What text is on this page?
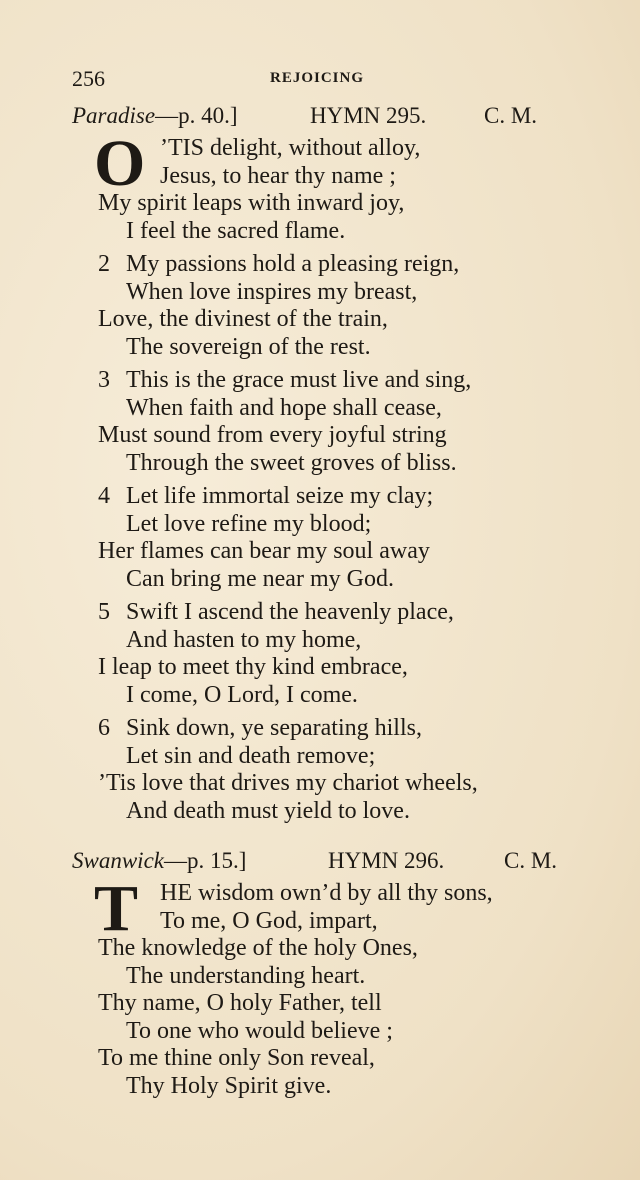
256	REJOICING
Paradise—p. 40.]	HYMN 295.	C. M.
O ’TIS delight, without alloy,
Jesus, to hear thy name ;
My spirit leaps with inward joy,
I feel the sacred flame.
2 My passions hold a pleasing reign,
When love inspires my breast,
Love, the divinest of the train,
The sovereign of the rest.
3 This is the grace must live and sing,
When faith and hope shall cease,
Must sound from every joyful string
Through the sweet groves of bliss.
4 Let life immortal seize my clay;
Let love refine my blood;
Her flames can bear my soul away
Can bring me near my God.
5 Swift I ascend the heavenly place,
And hasten to my home,
I leap to meet thy kind embrace,
I come, O Lord, I come.
6 Sink down, ye separating hills,
Let sin and death remove;
’Tis love that drives my chariot wheels,
And death must yield to love.
Swanwick—p. 15.]	HYMN 296.	C. M.
T HE wisdom own’d by all thy sons,
To me, O God, impart,
The knowledge of the holy Ones,
The understanding heart.
Thy name, O holy Father, tell
To one who would believe ;
To me thine only Son reveal,
Thy Holy Spirit give.
